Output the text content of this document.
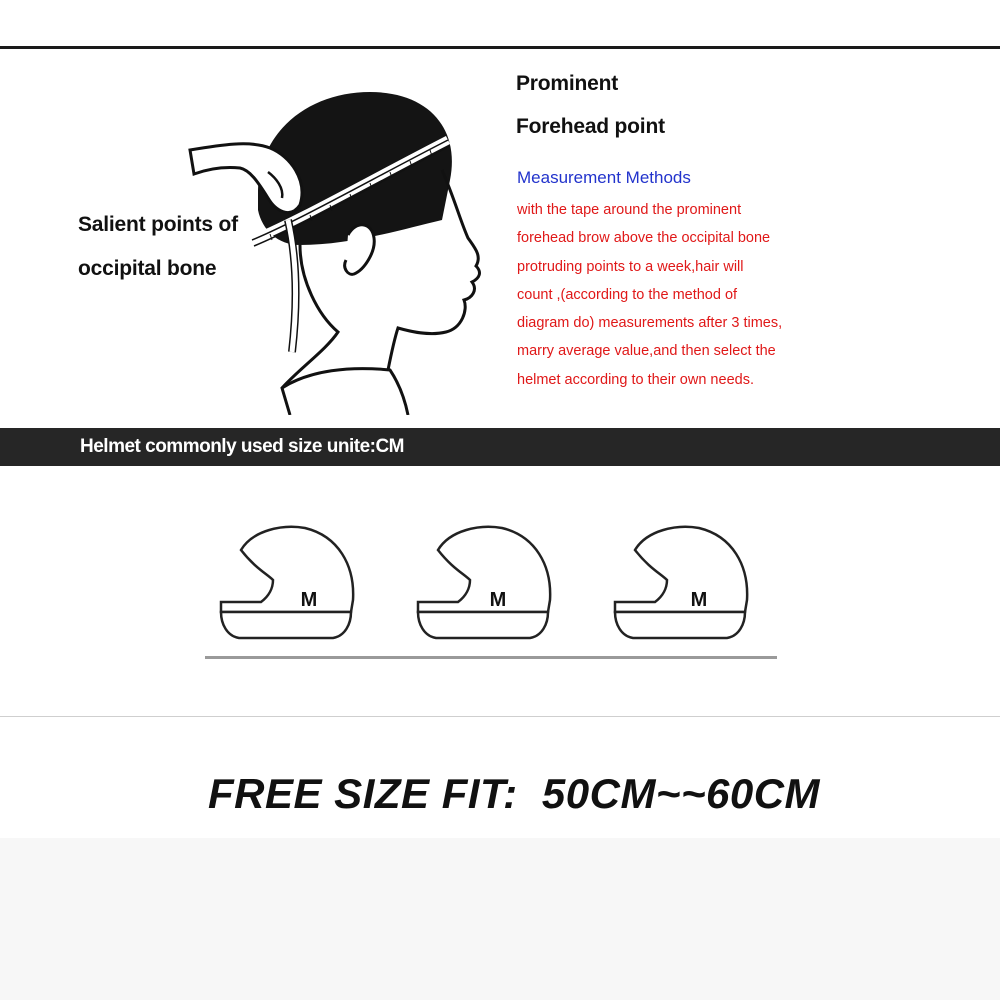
Salient points of
occipital bone
Prominent
Forehead point
Measurement Methods
with the tape around the prominent
forehead brow above the occipital bone
protruding points to a week,hair will
count ,(according to the method of
diagram do) measurements after 3 times,
marry average value,and then select the
helmet according to their own needs.
Helmet commonly used size unite:CM
M	M	M
FREE SIZE FIT:  50CM~~60CM
